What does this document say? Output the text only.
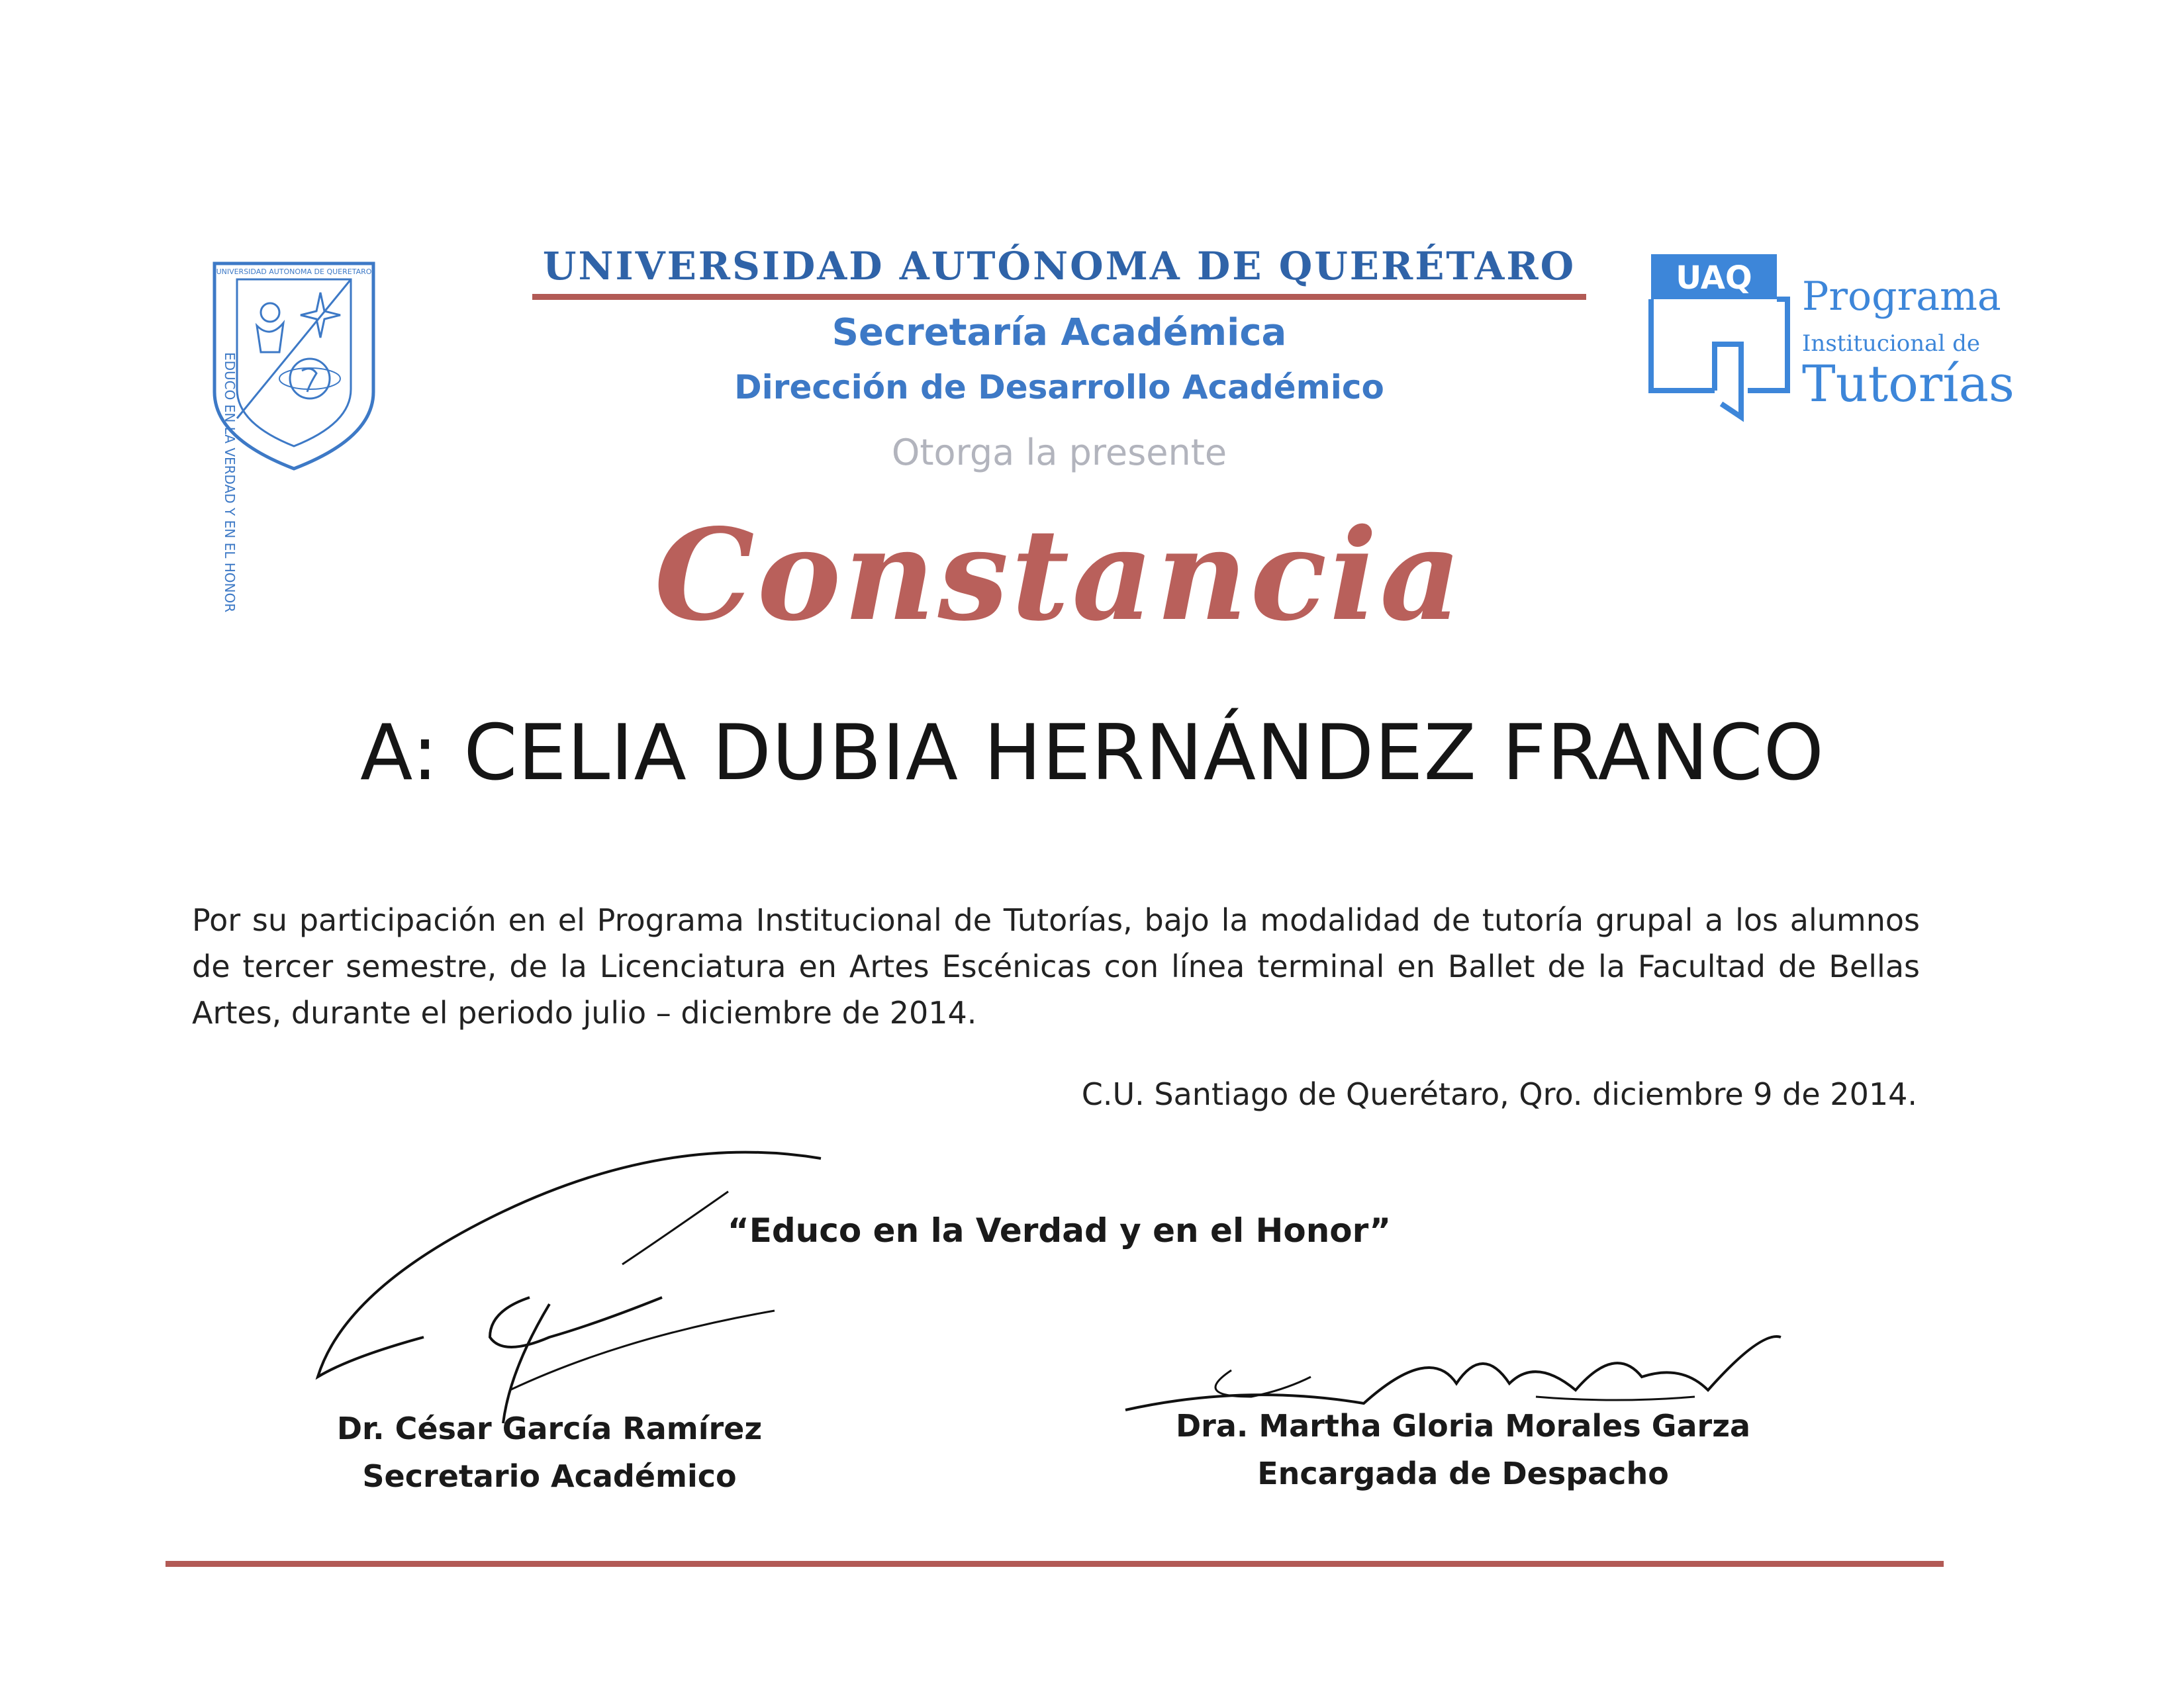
UNIVERSIDAD AUTONOMA DE QUERETARO
EDUCO EN LA VERDAD Y EN EL HONOR
UNIVERSIDAD AUTÓNOMA DE QUERÉTARO
Secretaría Académica
Dirección de Desarrollo Académico
Otorga la presente
Constancia
UAQ Programa
Institucional de
Tutorías
A: CELIA DUBIA HERNÁNDEZ FRANCO
Por su participación en el Programa Institucional de Tutorías, bajo la modalidad de tutoría grupal a los alumnos de tercer semestre, de la Licenciatura en Artes Escénicas con línea terminal en Ballet de la Facultad de Bellas Artes, durante el periodo julio – diciembre de 2014.
C.U. Santiago de Querétaro, Qro. diciembre 9 de 2014.
“Educo en la Verdad y en el Honor”
Dr. César García Ramírez
Secretario Académico
Dra. Martha Gloria Morales Garza
Encargada de Despacho
